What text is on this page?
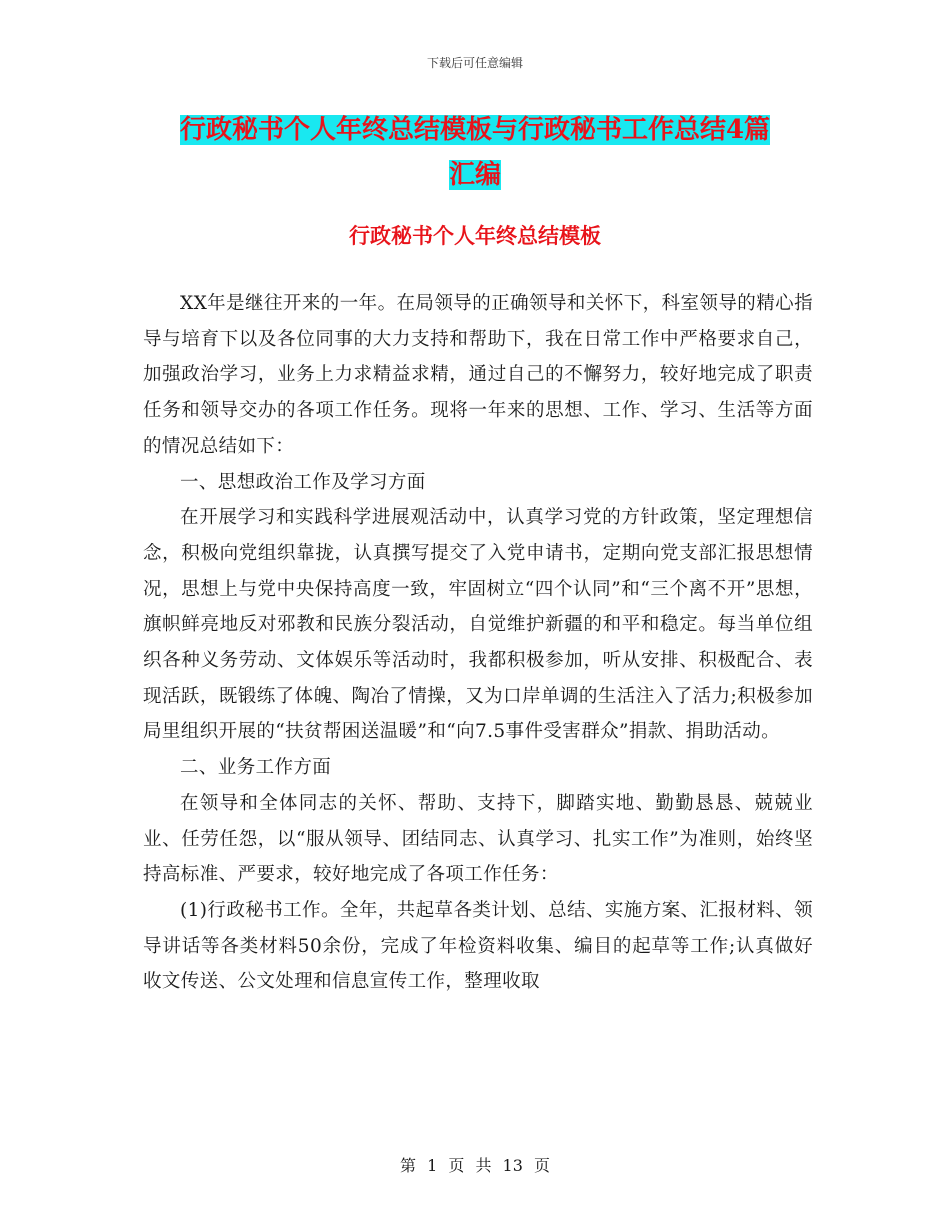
下载后可任意编辑
行政秘书个人年终总结模板与行政秘书工作总结4篇
汇编
行政秘书个人年终总结模板

XX年是继往开来的一年。在局领导的正确领导和关怀下，科室领导的精心指导与培育下以及各位同事的大力支持和帮助下，我在日常工作中严格要求自己，加强政治学习，业务上力求精益求精，通过自己的不懈努力，较好地完成了职责任务和领导交办的各项工作任务。现将一年来的思想、工作、学习、生活等方面的情况总结如下：

一、思想政治工作及学习方面

在开展学习和实践科学进展观活动中，认真学习党的方针政策，坚定理想信念，积极向党组织靠拢，认真撰写提交了入党申请书，定期向党支部汇报思想情况，思想上与党中央保持高度一致，牢固树立“四个认同”和“三个离不开”思想，旗帜鲜亮地反对邪教和民族分裂活动，自觉维护新疆的和平和稳定。每当单位组织各种义务劳动、文体娱乐等活动时，我都积极参加，听从安排、积极配合、表现活跃，既锻练了体魄、陶冶了情操，又为口岸单调的生活注入了活力;积极参加局里组织开展的“扶贫帮困送温暖”和“向7.5事件受害群众”捐款、捐助活动。

二、业务工作方面

在领导和全体同志的关怀、帮助、支持下，脚踏实地、勤勤恳恳、兢兢业业、任劳任怨，以“服从领导、团结同志、认真学习、扎实工作”为准则，始终坚持高标准、严要求，较好地完成了各项工作任务：

(1)行政秘书工作。全年，共起草各类计划、总结、实施方案、汇报材料、领导讲话等各类材料50余份，完成了年检资料收集、编目的起草等工作;认真做好收文传送、公文处理和信息宣传工作，整理收取

第 1 页 共 13 页
